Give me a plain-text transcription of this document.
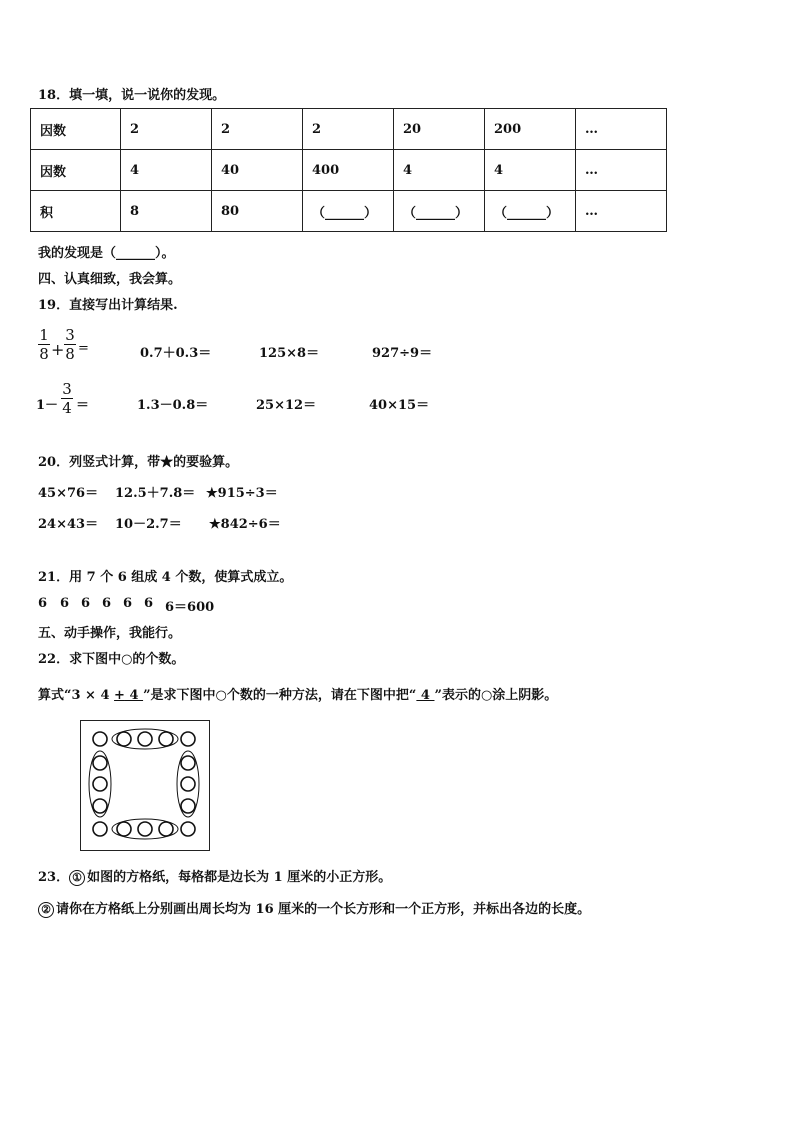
18．填一填，说一说你的发现。
因数	2	2	2	20	200	…
因数	4	40	400	4	4	…
积	8	80	（______）	（______）	（______）	…
我的发现是（______）。
四、认真细致，我会算。
19．直接写出计算结果.
1
8 +
3
8 =	0.7＋0.3＝	125×8＝	927÷9＝
1－
3
4 ＝	1.3－0.8＝	25×12＝	40×15＝
20．列竖式计算，带★的要验算。
45×76＝ 12.5＋7.8＝ ★915÷3＝
24×43＝ 10－2.7＝ ★842÷6＝
21．用 7 个 6 组成 4 个数，使算式成立。
6 6 6 6 6 6 6＝600
五、动手操作，我能行。
22．求下图中○的个数。
算式“3 × 4 + 4 ”是求下图中○个数的一种方法，请在下图中把“ 4 ”表示的○涂上阴影。
23． ① 如图的方格纸，每格都是边长为 1 厘米的小正方形。
② 请你在方格纸上分别画出周长均为 16 厘米的一个长方形和一个正方形，并标出各边的长度。
